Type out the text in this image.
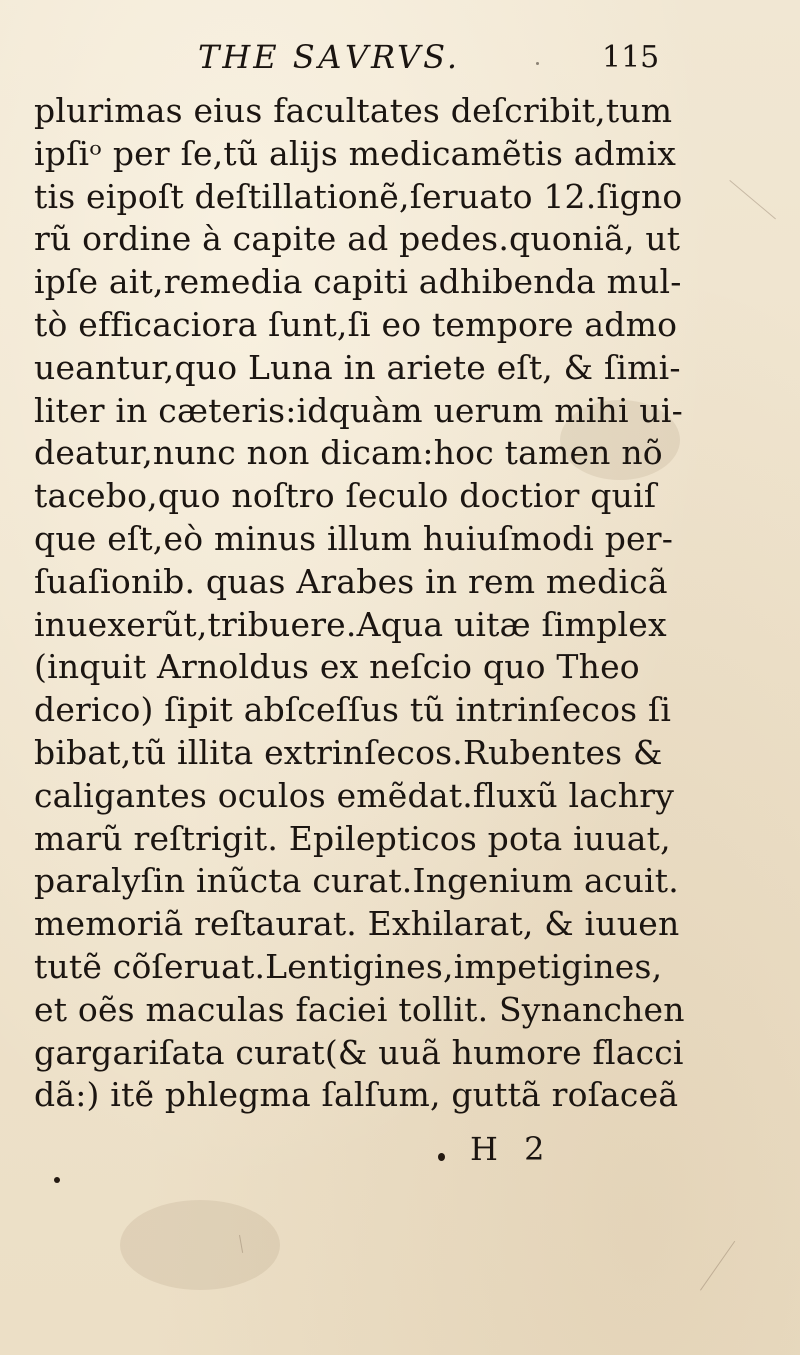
THE SАVRVS.	115
plurimas eius facultates deſcribit,tum
ipſiᵒ per ſe,tũ alijs medicamẽtis admix
tis eipoſt deſtillationẽ,ſeruato 12.ſigno
rũ ordine à capite ad pedes.quoniã, ut
ipſe ait,remedia capiti adhibenda mul-
tò efficaciora ſunt,ſi eo tempore admo
ueantur,quo Luna in ariete eſt, & ſimi-
liter in cæteris:idquàm uerum mihi ui-
deatur,nunc non dicam:hoc tamen nõ
tacebo,quo noſtro ſeculo doctior quiſ
que eſt,eò minus illum huiuſmodi per-
ſuaſionib. quas Arabes in rem medicã
inuexerũt,tribuere.Aqua uitæ ſimplex
(inquit Arnoldus ex neſcio quo Theo
derico) ſipit abſceſſus tũ intrinſecos ſi
bibat,tũ illita extrinſecos.Rubentes &
caligantes oculos emẽdat.fluxũ lachry
marũ reſtrigit. Epilepticos pota iuuat,
paralyſin inũcta curat.Ingenium acuit.
memoriã reſtaurat. Exhilarat, & iuuen
tutẽ cõſeruat.Lentigines,impetigines,
et oẽs maculas faciei tollit. Synanchen
gargariſata curat(& uuã humore flacci
dã:) itẽ phlegma ſalſum, guttã roſaceã
H 2
